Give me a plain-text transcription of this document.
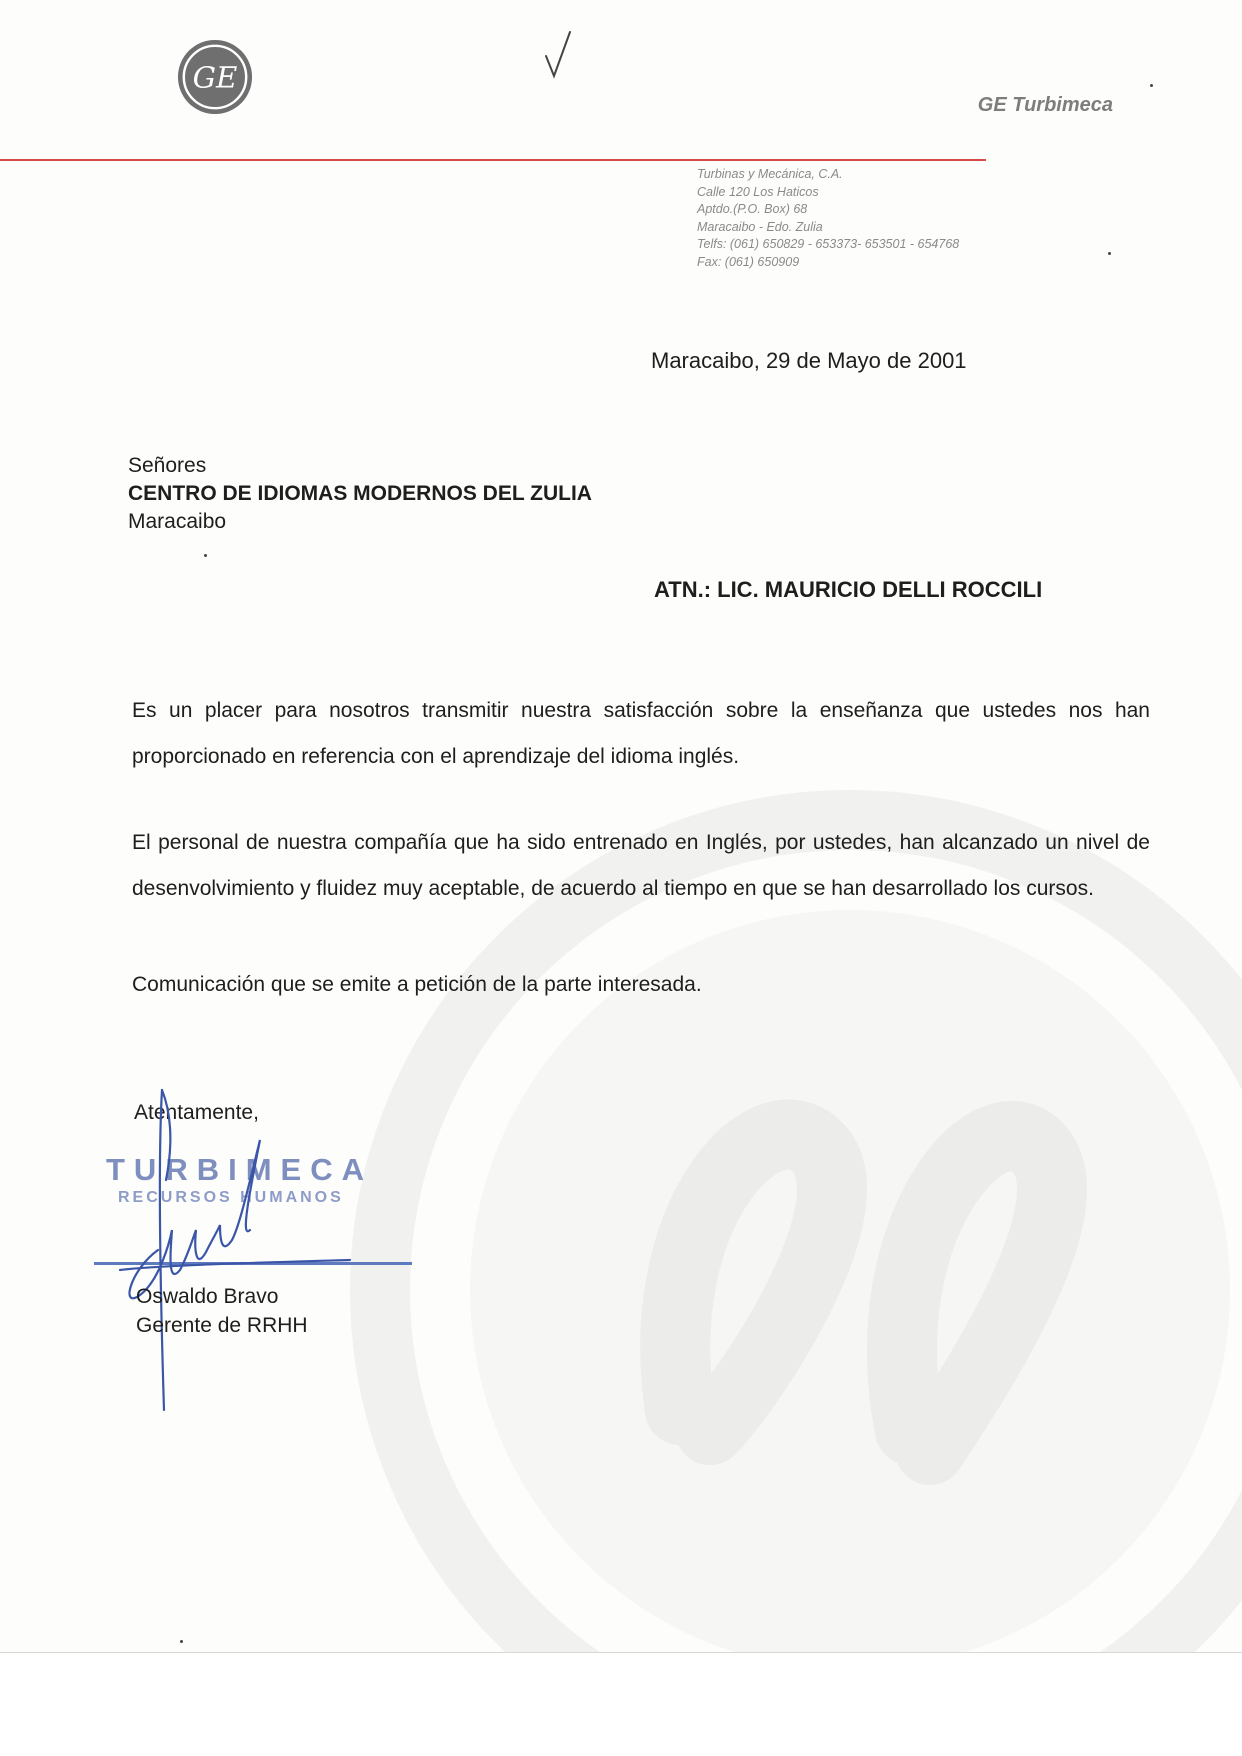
GE
GE Turbimeca
Turbinas y Mecánica, C.A.
Calle 120 Los Haticos
Aptdo.(P.O. Box) 68
Maracaibo - Edo. Zulia
Telfs: (061) 650829 - 653373- 653501 - 654768
Fax: (061) 650909
Maracaibo, 29 de Mayo de 2001
Señores
CENTRO DE IDIOMAS MODERNOS DEL ZULIA
Maracaibo
ATN.: LIC. MAURICIO DELLI ROCCILI
Es un placer para nosotros transmitir nuestra satisfacción sobre la enseñanza que ustedes nos han proporcionado en referencia con el aprendizaje del idioma inglés.
El personal de nuestra compañía que ha sido entrenado en Inglés, por ustedes, han alcanzado un nivel de desenvolvimiento y fluidez muy aceptable, de acuerdo al tiempo en que se han desarrollado los cursos.
Comunicación que se emite a petición de la parte interesada.
Atentamente,
TURBIMECA
RECURSOS HUMANOS
Oswaldo Bravo
Gerente de RRHH
